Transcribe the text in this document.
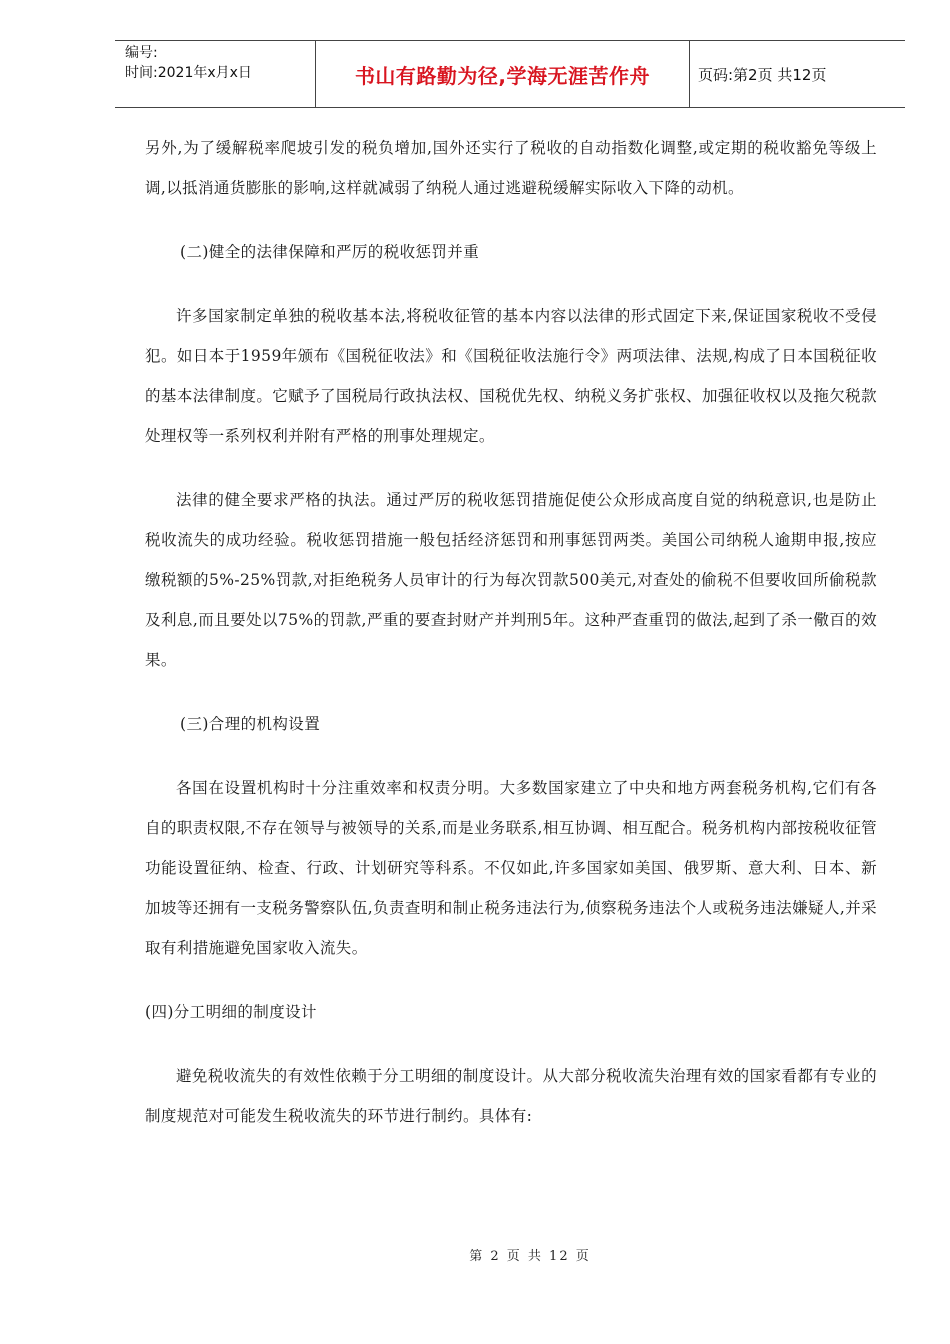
编号:
时间:2021年x月x日	书山有路勤为径,学海无涯苦作舟	页码:第2页 共12页

另外,为了缓解税率爬坡引发的税负增加,国外还实行了税收的自动指数化调整,或定期的税收豁免等级上调,以抵消通货膨胀的影响,这样就减弱了纳税人通过逃避税缓解实际收入下降的动机。

(二)健全的法律保障和严厉的税收惩罚并重

许多国家制定单独的税收基本法,将税收征管的基本内容以法律的形式固定下来,保证国家税收不受侵犯。如日本于1959年颁布《国税征收法》和《国税征收法施行令》两项法律、法规,构成了日本国税征收的基本法律制度。它赋予了国税局行政执法权、国税优先权、纳税义务扩张权、加强征收权以及拖欠税款处理权等一系列权利并附有严格的刑事处理规定。

法律的健全要求严格的执法。通过严厉的税收惩罚措施促使公众形成高度自觉的纳税意识,也是防止税收流失的成功经验。税收惩罚措施一般包括经济惩罚和刑事惩罚两类。美国公司纳税人逾期申报,按应缴税额的5%-25%罚款,对拒绝税务人员审计的行为每次罚款500美元,对查处的偷税不但要收回所偷税款及利息,而且要处以75%的罚款,严重的要查封财产并判刑5年。这种严查重罚的做法,起到了杀一儆百的效果。

(三)合理的机构设置

各国在设置机构时十分注重效率和权责分明。大多数国家建立了中央和地方两套税务机构,它们有各自的职责权限,不存在领导与被领导的关系,而是业务联系,相互协调、相互配合。税务机构内部按税收征管功能设置征纳、检查、行政、计划研究等科系。不仅如此,许多国家如美国、俄罗斯、意大利、日本、新加坡等还拥有一支税务警察队伍,负责查明和制止税务违法行为,侦察税务违法个人或税务违法嫌疑人,并采取有利措施避免国家收入流失。

(四)分工明细的制度设计

避免税收流失的有效性依赖于分工明细的制度设计。从大部分税收流失治理有效的国家看都有专业的制度规范对可能发生税收流失的环节进行制约。具体有:

第 2 页 共 12 页
